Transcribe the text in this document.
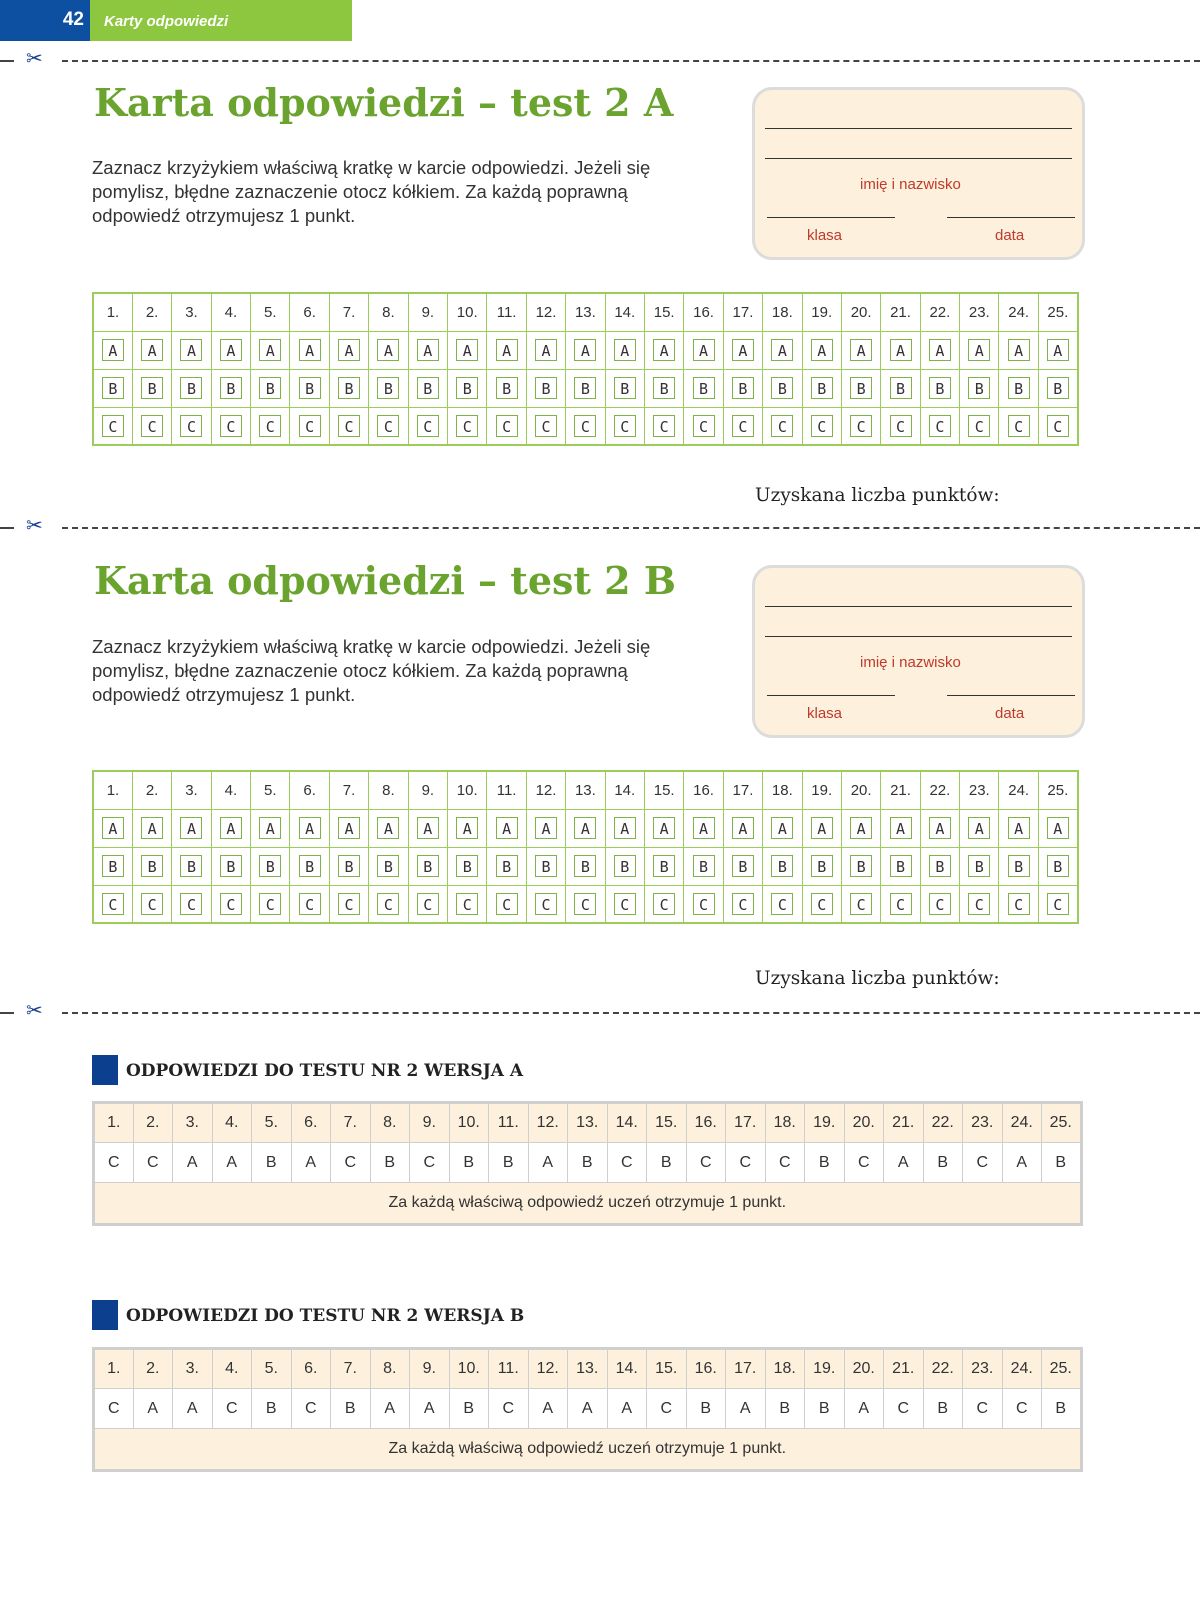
42 Karty odpowiedzi
✂
Karta odpowiedzi – test 2 A
Zaznacz krzyżykiem właściwą kratkę w karcie odpowiedzi. Jeżeli się
pomylisz, błędne zaznaczenie otocz kółkiem. Za każdą poprawną
odpowiedź otrzymujesz 1 punkt.
imię i nazwisko
klasa	data
1.	2.	3.	4.	5.	6.	7.	8.	9.	10.	11.	12.	13.	14.	15.	16.	17.	18.	19.	20.	21.	22.	23.	24.	25.
A	A	A	A	A	A	A	A	A	A	A	A	A	A	A	A	A	A	A	A	A	A	A	A	A
B	B	B	B	B	B	B	B	B	B	B	B	B	B	B	B	B	B	B	B	B	B	B	B	B
C	C	C	C	C	C	C	C	C	C	C	C	C	C	C	C	C	C	C	C	C	C	C	C	C
Uzyskana liczba punktów:
✂
Karta odpowiedzi – test 2 B
Zaznacz krzyżykiem właściwą kratkę w karcie odpowiedzi. Jeżeli się
pomylisz, błędne zaznaczenie otocz kółkiem. Za każdą poprawną
odpowiedź otrzymujesz 1 punkt.
imię i nazwisko
klasa	data
1.	2.	3.	4.	5.	6.	7.	8.	9.	10.	11.	12.	13.	14.	15.	16.	17.	18.	19.	20.	21.	22.	23.	24.	25.
A	A	A	A	A	A	A	A	A	A	A	A	A	A	A	A	A	A	A	A	A	A	A	A	A
B	B	B	B	B	B	B	B	B	B	B	B	B	B	B	B	B	B	B	B	B	B	B	B	B
C	C	C	C	C	C	C	C	C	C	C	C	C	C	C	C	C	C	C	C	C	C	C	C	C
Uzyskana liczba punktów:
✂
ODPOWIEDZI DO TESTU NR 2 WERSJA A
1.	2.	3.	4.	5.	6.	7.	8.	9.	10.	11.	12.	13.	14.	15.	16.	17.	18.	19.	20.	21.	22.	23.	24.	25.
C	C	A	A	B	A	C	B	C	B	B	A	B	C	B	C	C	C	B	C	A	B	C	A	B
Za każdą właściwą odpowiedź uczeń otrzymuje 1 punkt.																								
ODPOWIEDZI DO TESTU NR 2 WERSJA B
1.	2.	3.	4.	5.	6.	7.	8.	9.	10.	11.	12.	13.	14.	15.	16.	17.	18.	19.	20.	21.	22.	23.	24.	25.
C	A	A	C	B	C	B	A	A	B	C	A	A	A	C	B	A	B	B	A	C	B	C	C	B
Za każdą właściwą odpowiedź uczeń otrzymuje 1 punkt.																								
